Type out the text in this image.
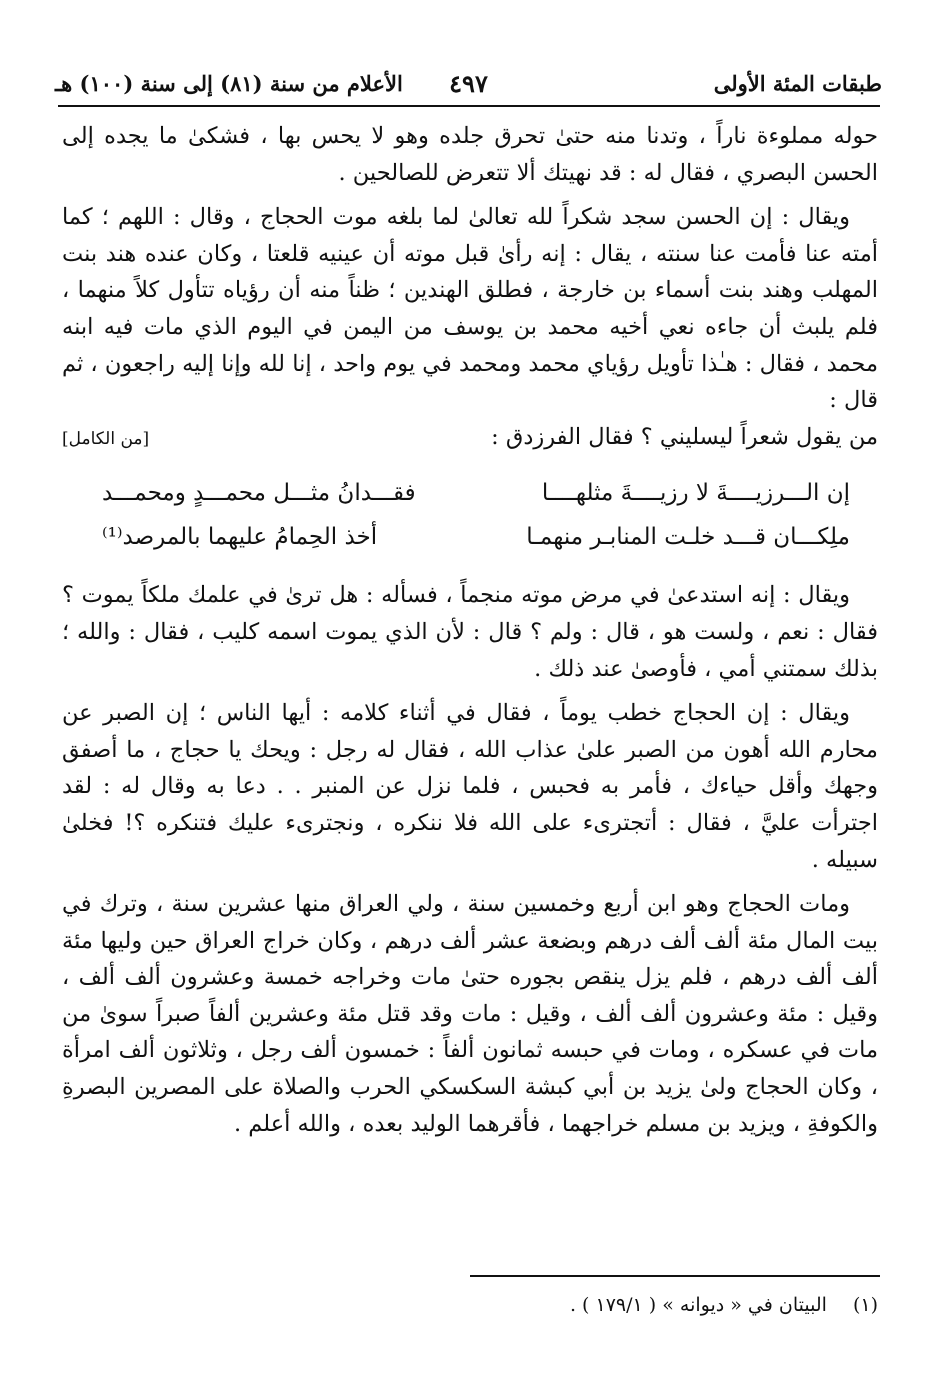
طبقات المئة الأولى
٤٩٧
الأعلام من سنة (٨١) إلى سنة (١٠٠) هـ

حوله مملوءة ناراً ، وتدنا منه حتىٰ تحرق جلده وهو لا يحس بها ، فشكىٰ ما يجده إلى الحسن البصري ، فقال له : قد نهيتك ألا تتعرض للصالحين .

ويقال : إن الحسن سجد شكراً لله تعالىٰ لما بلغه موت الحجاج ، وقال : اللهم ؛ كما أمته عنا فأمت عنا سنته ، يقال : إنه رأىٰ قبل موته أن عينيه قلعتا ، وكان عنده هند بنت المهلب وهند بنت أسماء بن خارجة ، فطلق الهندين ؛ ظناً منه أن رؤياه تتأول كلاً منهما ، فلم يلبث أن جاءه نعي أخيه محمد بن يوسف من اليمن في اليوم الذي مات فيه ابنه محمد ، فقال : هـٰذا تأويل رؤياي محمد ومحمد في يوم واحد ، إنا لله وإنا إليه راجعون ، ثم قال :

من يقول شعراً ليسليني ؟ فقال الفرزدق :
[من الكامل]
إن الـــرزيــــةَ لا رزيــــةَ مثلهــــا
فقـــدانُ مثـــل محمـــدٍ ومحمـــد
ملِكـــان قـــد خلـت المنابـر منهمـا
أخذ الحِمامُ عليهما بالمرصد⁽¹⁾

ويقال : إنه استدعىٰ في مرض موته منجماً ، فسأله : هل ترىٰ في علمك ملكاً يموت ؟ فقال : نعم ، ولست هو ، قال : ولم ؟ قال : لأن الذي يموت اسمه كليب ، فقال : والله ؛ بذلك سمتني أمي ، فأوصىٰ عند ذلك .

ويقال : إن الحجاج خطب يوماً ، فقال في أثناء كلامه : أيها الناس ؛ إن الصبر عن محارم الله أهون من الصبر علىٰ عذاب الله ، فقال له رجل : ويحك يا حجاج ، ما أصفق وجهك وأقل حياءك ، فأمر به فحبس ، فلما نزل عن المنبر . . دعا به وقال له : لقد اجترأت عليَّ ، فقال : أتجترىء على الله فلا ننكره ، ونجترىء عليك فتنكره ؟! فخلىٰ سبيله .

ومات الحجاج وهو ابن أربع وخمسين سنة ، ولي العراق منها عشرين سنة ، وترك في بيت المال مئة ألف ألف درهم وبضعة عشر ألف درهم ، وكان خراج العراق حين وليها مئة ألف ألف درهم ، فلم يزل ينقص بجوره حتىٰ مات وخراجه خمسة وعشرون ألف ألف ، وقيل : مئة وعشرون ألف ألف ، وقيل : مات وقد قتل مئة وعشرين ألفاً صبراً سوىٰ من مات في عسكره ، ومات في حبسه ثمانون ألفاً : خمسون ألف رجل ، وثلاثون ألف امرأة ، وكان الحجاج ولىٰ يزيد بن أبي كبشة السكسكي الحرب والصلاة على المصرين البصرةِ والكوفةِ ، ويزيد بن مسلم خراجهما ، فأقرهما الوليد بعده ، والله أعلم .

(١) البيتان في « ديوانه » ( ١٧٩/١ ) .
